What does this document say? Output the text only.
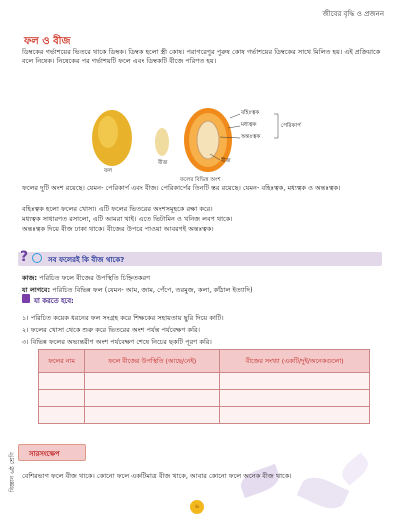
জীবের বৃদ্ধি ও প্রজনন
ফল ও বীজ
ডিম্বকের গর্ভাশয়ের ভিতরে থাকে ডিম্বক। ডিম্বক হলো স্ত্রী কোষ। পরাগরেণুর পুরুষ কোষ গর্ভাশয়ের ডিম্বকের সাথে মিলিত হয়। এই প্রক্রিয়াকে বলে নিষেক। নিষেকের পর গর্ভাশয়টি ফলে এবং ডিম্বকটি বীজে পরিণত হয়।
ফল
বীজ
বহিঃত্বক
মধ্যত্বক
অন্তঃত্বক
পেরিকার্প
বীজ
ফলের বিভিন্ন অংশ
ফলের দুটি অংশ রয়েছে। যেমন- পেরিকার্প এবং বীজ। পেরিকার্পের তিনটি স্তর রয়েছে। যেমন- বহিঃত্বক, মধ্যত্বক ও অন্তঃত্বক।
বহিঃত্বক হলো ফলের খোসা। এটি ফলের ভিতরের অংশসমূহকে রক্ষা করে।
মধ্যত্বক সাধারণত রসালো, এটি আমরা খাই। এতে ভিটামিন ও খনিজ লবণ থাকে।
অন্তঃত্বক দিয়ে বীজ ঢাকা থাকে। বীজের উপরে পাওয়া আবরণই অন্তঃত্বক।
?	সব ফলেরই কি বীজ থাকে?
কাজ: পরিচিত ফলে বীজের উপস্থিতি চিহ্নিতকরণ
যা লাগবে: পরিচিত বিভিন্ন ফল (যেমন- আম, জাম, পেঁপে, তরমুজ, কলা, কাঁঠাল ইত্যাদি)
যা করতে হবে:
১। পরিচিত কয়েক ধরনের ফল সংগ্রহ করে শিক্ষকের সহায়তায় ছুরি দিয়ে কাটি।
২। ফলের খোসা থেকে শুরু করে ভিতরের অংশ পর্যন্ত পর্যবেক্ষণ করি।
৩। বিভিন্ন ফলের অভ্যন্তরীণ অংশ পর্যবেক্ষণ শেষে নিচের ছকটি পূরণ করি।
ফলের নাম	ফলে বীজের উপস্থিতি (আছে/নেই)	বীজের সংখ্যা (একটি/দুই/অনেকগুলো)

বিজ্ঞান ৬ষ্ঠ শ্রেণি সারসংক্ষেপ
বেশিরভাগ ফলে বীজ থাকে। কোনো ফলে একটিমাত্র বীজ থাকে, আবার কোনো ফলে অনেক বীজ থাকে।
৬
